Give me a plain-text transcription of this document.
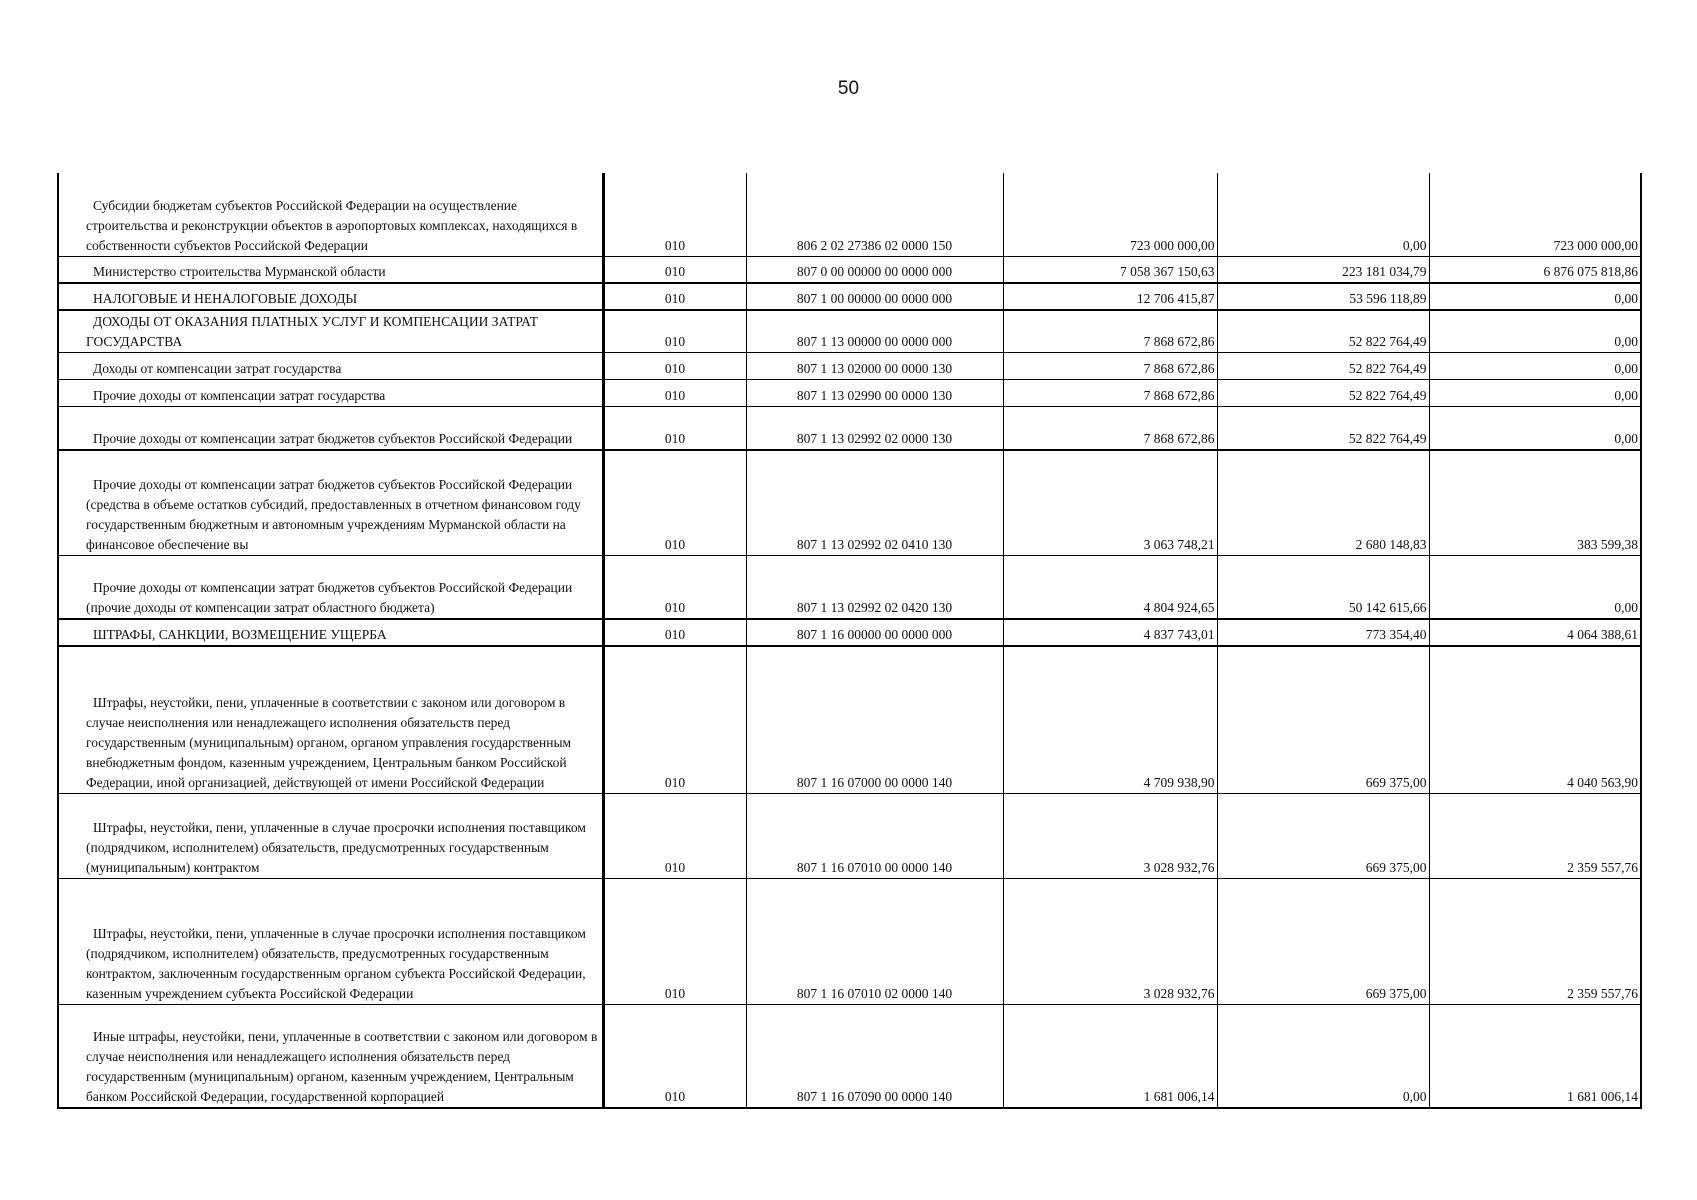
50
Субсидии бюджетам субъектов Российской Федерации на осуществление строительства и реконструкции объектов в аэропортовых комплексах, находящихся в собственности субъектов Российской Федерации	010	806 2 02 27386 02 0000 150	723 000 000,00	0,00	723 000 000,00

Министерство строительства Мурманской области	010	807 0 00 00000 00 0000 000	7 058 367 150,63	223 181 034,79	6 876 075 818,86

НАЛОГОВЫЕ И НЕНАЛОГОВЫЕ ДОХОДЫ	010	807 1 00 00000 00 0000 000	12 706 415,87	53 596 118,89	0,00

ДОХОДЫ ОТ ОКАЗАНИЯ ПЛАТНЫХ УСЛУГ И КОМПЕНСАЦИИ ЗАТРАТ ГОСУДАРСТВА	010	807 1 13 00000 00 0000 000	7 868 672,86	52 822 764,49	0,00

Доходы от компенсации затрат государства	010	807 1 13 02000 00 0000 130	7 868 672,86	52 822 764,49	0,00

Прочие доходы от компенсации затрат государства	010	807 1 13 02990 00 0000 130	7 868 672,86	52 822 764,49	0,00

Прочие доходы от компенсации затрат бюджетов субъектов Российской Федерации	010	807 1 13 02992 02 0000 130	7 868 672,86	52 822 764,49	0,00

Прочие доходы от компенсации затрат бюджетов субъектов Российской Федерации (средства в объеме остатков субсидий, предоставленных в отчетном финансовом году государственным бюджетным и автономным учреждениям Мурманской области на финансовое обеспечение вы	010	807 1 13 02992 02 0410 130	3 063 748,21	2 680 148,83	383 599,38

Прочие доходы от компенсации затрат бюджетов субъектов Российской Федерации (прочие доходы от компенсации затрат областного бюджета)	010	807 1 13 02992 02 0420 130	4 804 924,65	50 142 615,66	0,00

ШТРАФЫ, САНКЦИИ, ВОЗМЕЩЕНИЕ УЩЕРБА	010	807 1 16 00000 00 0000 000	4 837 743,01	773 354,40	4 064 388,61

Штрафы, неустойки, пени, уплаченные в соответствии с законом или договором в случае неисполнения или ненадлежащего исполнения обязательств перед государственным (муниципальным) органом, органом управления государственным внебюджетным фондом, казенным учреждением, Центральным банком Российской Федерации, иной организацией, действующей от имени Российской Федерации	010	807 1 16 07000 00 0000 140	4 709 938,90	669 375,00	4 040 563,90

Штрафы, неустойки, пени, уплаченные в случае просрочки исполнения поставщиком (подрядчиком, исполнителем) обязательств, предусмотренных государственным (муниципальным) контрактом	010	807 1 16 07010 00 0000 140	3 028 932,76	669 375,00	2 359 557,76

Штрафы, неустойки, пени, уплаченные в случае просрочки исполнения поставщиком (подрядчиком, исполнителем) обязательств, предусмотренных государственным контрактом, заключенным государственным органом субъекта Российской Федерации, казенным учреждением субъекта Российской Федерации	010	807 1 16 07010 02 0000 140	3 028 932,76	669 375,00	2 359 557,76

Иные штрафы, неустойки, пени, уплаченные в соответствии с законом или договором в случае неисполнения или ненадлежащего исполнения обязательств перед государственным (муниципальным) органом, казенным учреждением, Центральным банком Российской Федерации, государственной корпорацией	010	807 1 16 07090 00 0000 140	1 681 006,14	0,00	1 681 006,14
